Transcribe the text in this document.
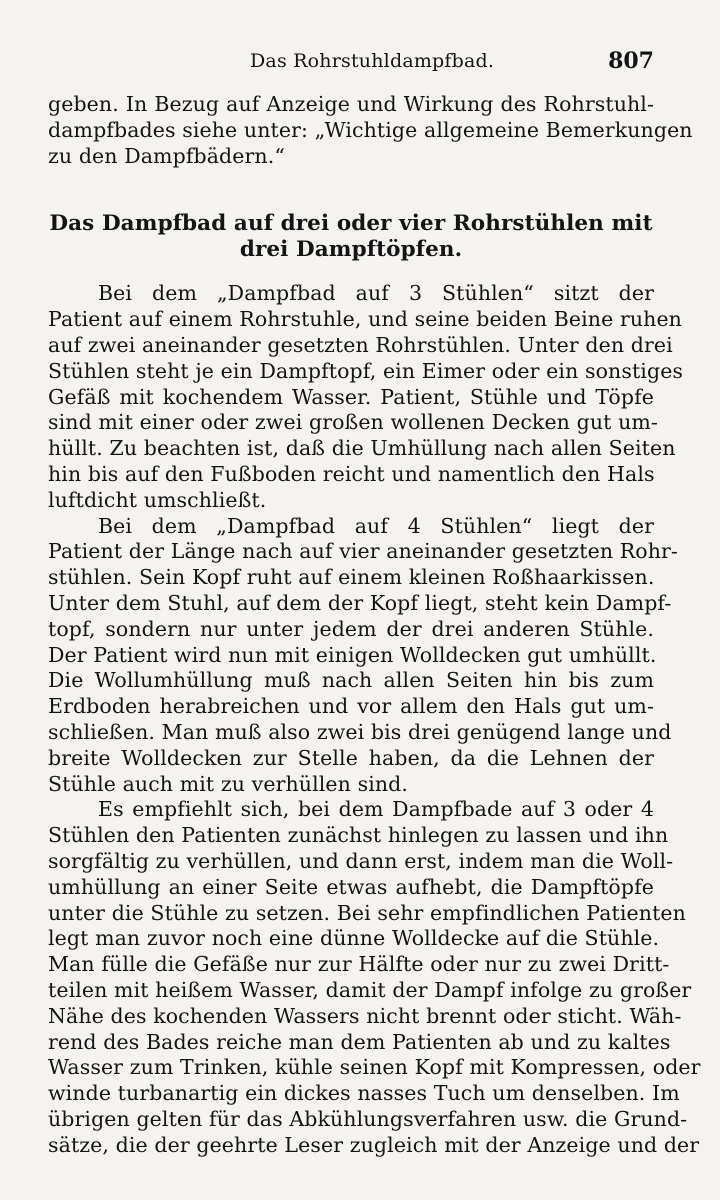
Das Rohrstuhldampfbad.	807
geben. In Bezug auf Anzeige und Wirkung des Rohrstuhl-
dampfbades siehe unter: „Wichtige allgemeine Bemerkungen
zu den Dampfbädern.“
Das Dampfbad auf drei oder vier Rohrstühlen mit
drei Dampftöpfen.
Bei dem „Dampfbad auf 3 Stühlen“ sitzt der
Patient auf einem Rohrstuhle, und seine beiden Beine ruhen
auf zwei aneinander gesetzten Rohrstühlen. Unter den drei
Stühlen steht je ein Dampftopf, ein Eimer oder ein sonstiges
Gefäß mit kochendem Wasser. Patient, Stühle und Töpfe
sind mit einer oder zwei großen wollenen Decken gut um-
hüllt. Zu beachten ist, daß die Umhüllung nach allen Seiten
hin bis auf den Fußboden reicht und namentlich den Hals
luftdicht umschließt.
Bei dem „Dampfbad auf 4 Stühlen“ liegt der
Patient der Länge nach auf vier aneinander gesetzten Rohr-
stühlen. Sein Kopf ruht auf einem kleinen Roßhaarkissen.
Unter dem Stuhl, auf dem der Kopf liegt, steht kein Dampf-
topf, sondern nur unter jedem der drei anderen Stühle.
Der Patient wird nun mit einigen Wolldecken gut umhüllt.
Die Wollumhüllung muß nach allen Seiten hin bis zum
Erdboden herabreichen und vor allem den Hals gut um-
schließen. Man muß also zwei bis drei genügend lange und
breite Wolldecken zur Stelle haben, da die Lehnen der
Stühle auch mit zu verhüllen sind.
Es empfiehlt sich, bei dem Dampfbade auf 3 oder 4
Stühlen den Patienten zunächst hinlegen zu lassen und ihn
sorgfältig zu verhüllen, und dann erst, indem man die Woll-
umhüllung an einer Seite etwas aufhebt, die Dampftöpfe
unter die Stühle zu setzen. Bei sehr empfindlichen Patienten
legt man zuvor noch eine dünne Wolldecke auf die Stühle.
Man fülle die Gefäße nur zur Hälfte oder nur zu zwei Dritt-
teilen mit heißem Wasser, damit der Dampf infolge zu großer
Nähe des kochenden Wassers nicht brennt oder sticht. Wäh-
rend des Bades reiche man dem Patienten ab und zu kaltes
Wasser zum Trinken, kühle seinen Kopf mit Kompressen, oder
winde turbanartig ein dickes nasses Tuch um denselben. Im
übrigen gelten für das Abkühlungsverfahren usw. die Grund-
sätze, die der geehrte Leser zugleich mit der Anzeige und der
